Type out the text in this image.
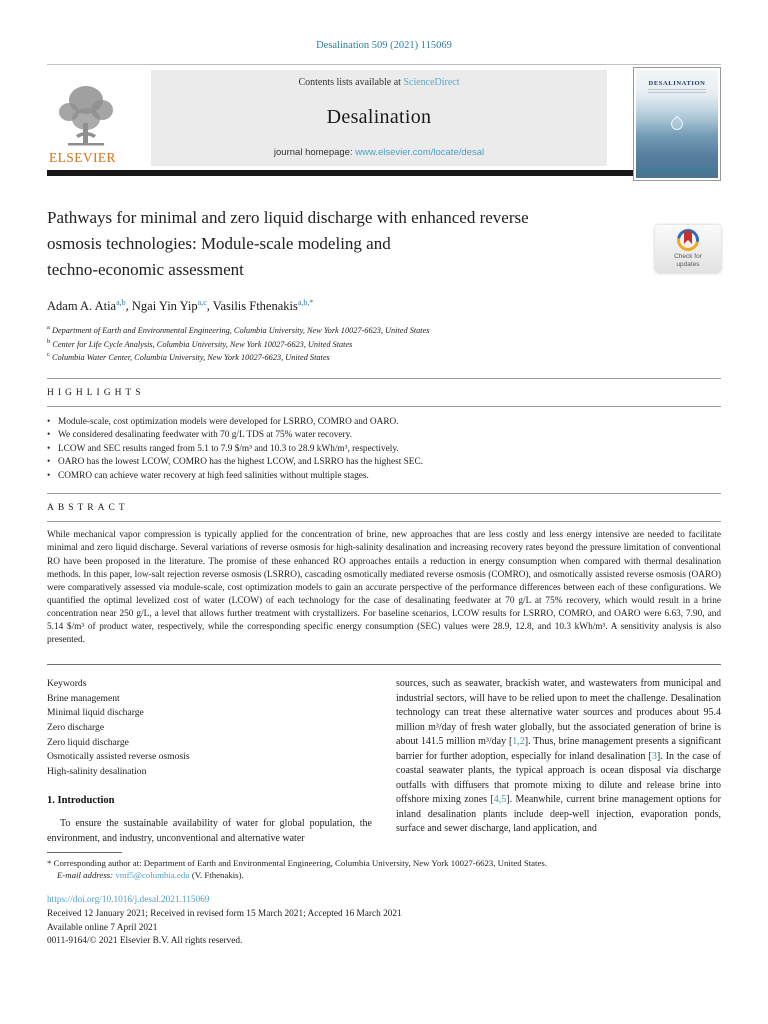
Desalination 509 (2021) 115069
ELSEVIER
Contents lists available at ScienceDirect
Desalination
journal homepage: www.elsevier.com/locate/desal
DESALINATION
Pathways for minimal and zero liquid discharge with enhanced reverse
osmosis technologies: Module-scale modeling and
techno-economic assessment
Check for
updates
Adam A. Atia$^{a,b}$, Ngai Yin Yip$^{a,c}$, Vasilis Fthenakis$^{a,b,*}$
$^a$ Department of Earth and Environmental Engineering, Columbia University, New York 10027-6623, United States
$^b$ Center for Life Cycle Analysis, Columbia University, New York 10027-6623, United States
$^c$ Columbia Water Center, Columbia University, New York 10027-6623, United States
HIGHLIGHTS
• Module-scale, cost optimization models were developed for LSRRO, COMRO and OARO.
• We considered desalinating feedwater with 70 g/L TDS at 75% water recovery.
• LCOW and SEC results ranged from 5.1 to 7.9 $/m³ and 10.3 to 28.9 kWh/m³, respectively.
• OARO has the lowest LCOW, COMRO has the highest LCOW, and LSRRO has the highest SEC.
• COMRO can achieve water recovery at high feed salinities without multiple stages.
ABSTRACT

While mechanical vapor compression is typically applied for the concentration of brine, new approaches that are less costly and less energy intensive are needed to facilitate minimal and zero liquid discharge. Several variations of reverse osmosis for high-salinity desalination and increasing recovery rates beyond the pressure limitation of conventional RO have been proposed in the literature. The promise of these enhanced RO approaches entails a reduction in energy consumption when compared with thermal desalination methods. In this paper, low-salt rejection reverse osmosis (LSRRO), cascading osmotically mediated reverse osmosis (COMRO), and osmotically assisted reverse osmosis (OARO) were comparatively assessed via module-scale, cost optimization models to gain an accurate perspective of the performance differences between each of these configurations. We quantified the optimal levelized cost of water (LCOW) of each technology for the case of desalinating feedwater at 70 g/L at 75% recovery, which would result in a brine concentration near 250 g/L, a level that allows further treatment with crystallizers. For baseline scenarios, LCOW results for LSRRO, COMRO, and OARO were 6.63, 7.90, and 5.14 $/m³ of product water, respectively, while the corresponding specific energy consumption (SEC) values were 28.9, 12.8, and 10.3 kWh/m³. A sensitivity analysis is also presented.

Keywords
Brine management
Minimal liquid discharge
Zero discharge
Zero liquid discharge
Osmotically assisted reverse osmosis
High-salinity desalination
1. Introduction

To ensure the sustainable availability of water for global population, the environment, and industry, unconventional and alternative water

sources, such as seawater, brackish water, and wastewaters from municipal and industrial sectors, will have to be relied upon to meet the challenge. Desalination technology can treat these alternative water sources and produces about 95.4 million m³/day of fresh water globally, but the associated generation of brine is about 141.5 million m³/day [1,2]. Thus, brine management presents a significant barrier for further adoption, especially for inland desalination [3]. In the case of coastal seawater plants, the typical approach is ocean disposal via discharge outfalls with diffusers that promote mixing to dilute and release brine into offshore mixing zones [4,5]. Meanwhile, current brine management options for inland desalination plants include deep-well injection, evaporation ponds, surface and sewer discharge, land application, and

* Corresponding author at: Department of Earth and Environmental Engineering, Columbia University, New York 10027-6623, United States.
E-mail address: vmf5@columbia.edu (V. Fthenakis).
https://doi.org/10.1016/j.desal.2021.115069
Received 12 January 2021; Received in revised form 15 March 2021; Accepted 16 March 2021
Available online 7 April 2021
0011-9164/© 2021 Elsevier B.V. All rights reserved.
